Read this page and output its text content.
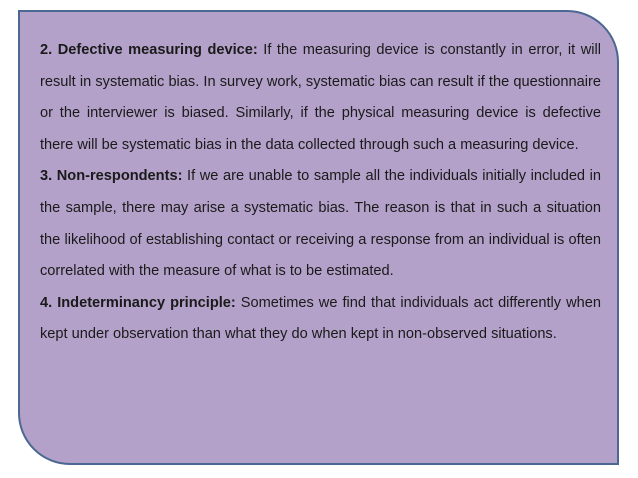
2. Defective measuring device: If the measuring device is constantly in error, it will result in systematic bias. In survey work, systematic bias can result if the questionnaire or the interviewer is biased. Similarly, if the physical measuring device is defective there will be systematic bias in the data collected through such a measuring device.

3. Non-respondents: If we are unable to sample all the individuals initially included in the sample, there may arise a systematic bias. The reason is that in such a situation the likelihood of establishing contact or receiving a response from an individual is often correlated with the measure of what is to be estimated.

4. Indeterminancy principle: Sometimes we find that individuals act differently when kept under observation than what they do when kept in non-observed situations.
